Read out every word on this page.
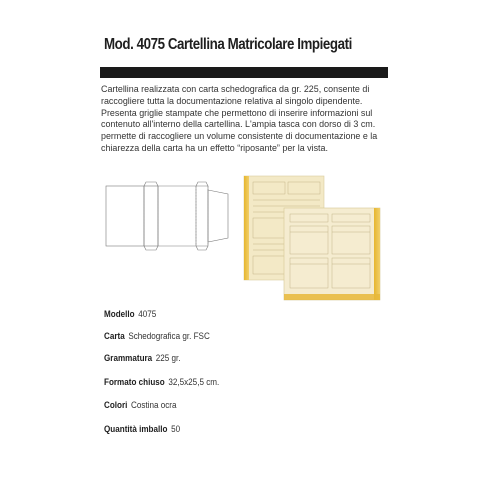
Mod. 4075 Cartellina Matricolare Impiegati
Cartellina realizzata con carta schedografica da gr. 225, consente di raccogliere tutta la documentazione relativa al singolo dipendente. Presenta griglie stampate che permettono di inserire informazioni sul contenuto all'interno della cartellina. L'ampia tasca con dorso di 3 cm. permette di raccogliere un volume consistente di documentazione e la chiarezza della carta ha un effetto “riposante” per la vista.
Modello 4075
Carta Schedografica gr. FSC
Grammatura 225 gr.
Formato chiuso 32,5x25,5 cm.
Colori Costina ocra
Quantità imballo 50
